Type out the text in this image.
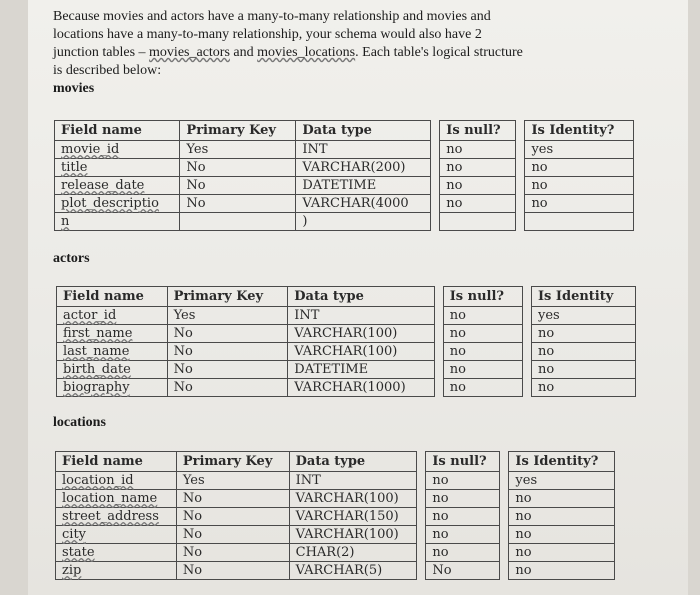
Because movies and actors have a many-to-many relationship and movies and
locations have a many-to-many relationship, your schema would also have 2
junction tables – movies_actors and movies_locations. Each table's logical structure
is described below:
movies
Field name	Primary Key	Data type		Is null?		Is Identity?
movie_id	Yes	INT		no		yes
title	No	VARCHAR(200)		no		no
release_date	No	DATETIME		no		no
plot_descriptio	No	VARCHAR(4000		no		no
n		)				
actors
Field name	Primary Key	Data type		Is null?		Is Identity
actor_id	Yes	INT		no		yes
first_name	No	VARCHAR(100)		no		no
last_name	No	VARCHAR(100)		no		no
birth_date	No	DATETIME		no		no
biography	No	VARCHAR(1000)		no		no
locations
Field name	Primary Key	Data type		Is null?		Is Identity?
location_id	Yes	INT		no		yes
location_name	No	VARCHAR(100)		no		no
street_address	No	VARCHAR(150)		no		no
city	No	VARCHAR(100)		no		no
state	No	CHAR(2)		no		no
zip	No	VARCHAR(5)		No		no
